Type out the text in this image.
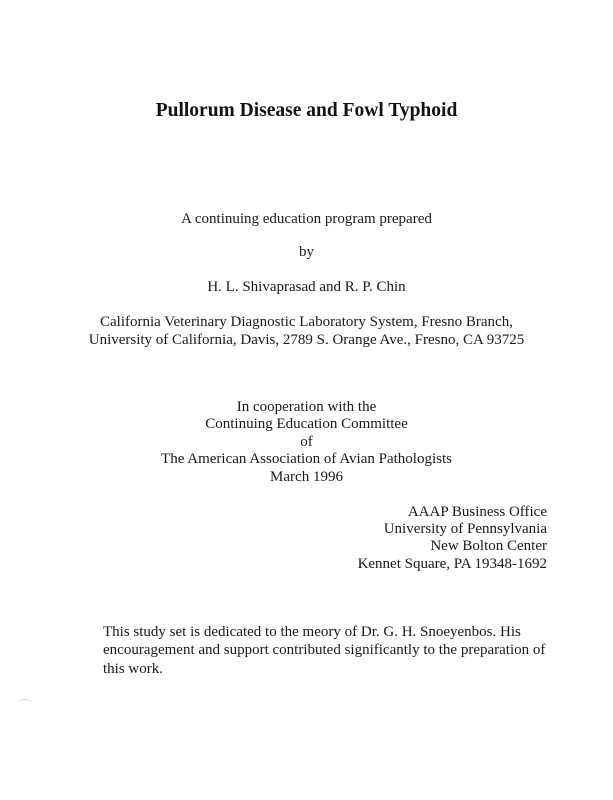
Pullorum Disease and Fowl Typhoid
A continuing education program prepared
by
H. L. Shivaprasad and R. P. Chin
California Veterinary Diagnostic Laboratory System, Fresno Branch,
University of California, Davis, 2789 S. Orange Ave., Fresno, CA 93725
In cooperation with the
Continuing Education Committee
of
The American Association of Avian Pathologists
March 1996
AAAP Business Office
University of Pennsylvania
New Bolton Center
Kennet Square, PA 19348-1692
This study set is dedicated to the meory of Dr. G. H. Snoeyenbos. His
encouragement and support contributed significantly to the preparation of
this work.
